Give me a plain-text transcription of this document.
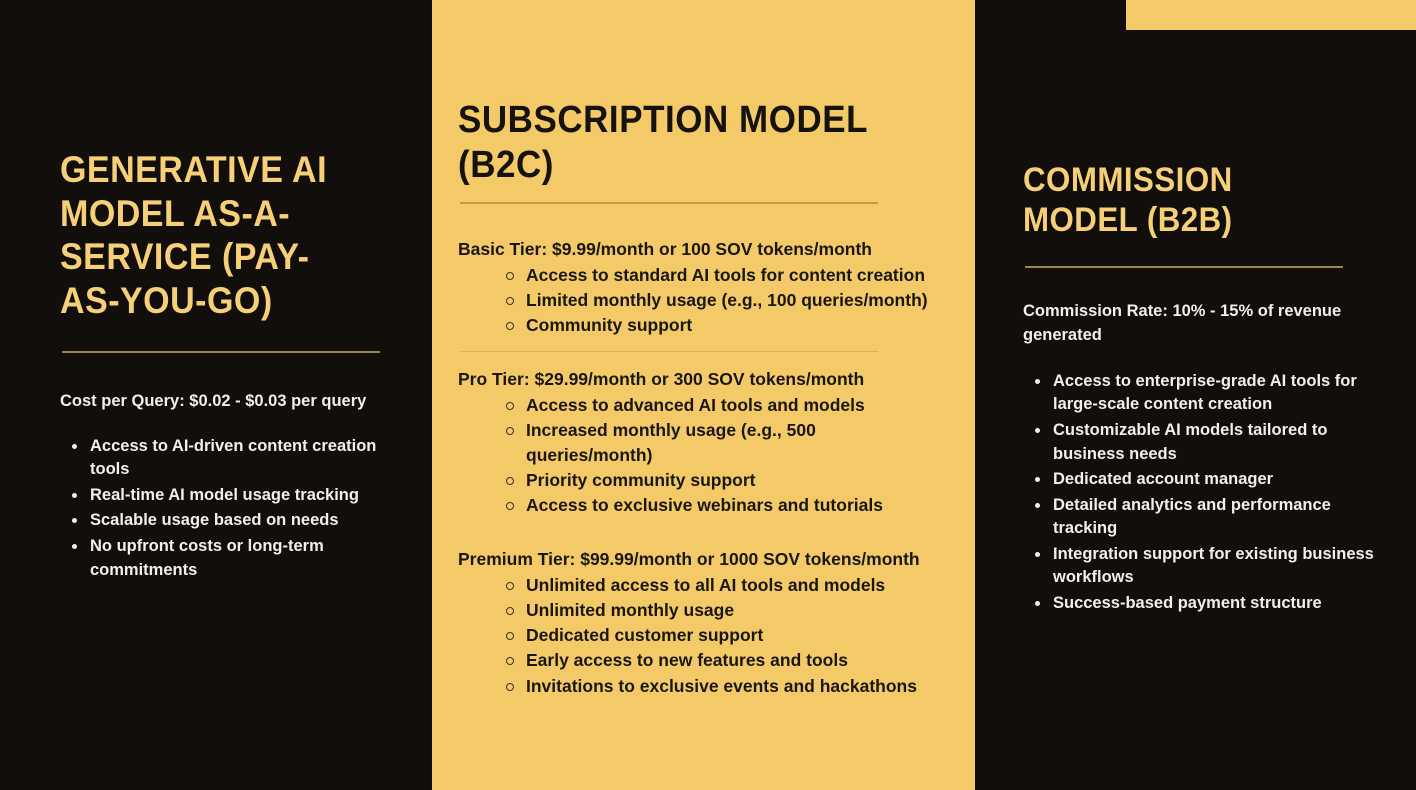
GENERATIVE AI MODEL AS-A-SERVICE (PAY-AS-YOU-GO)

Cost per Query: $0.02 - $0.03 per query

Access to AI-driven content creation tools
Real-time AI model usage tracking
Scalable usage based on needs
No upfront costs or long-term commitments
SUBSCRIPTION MODEL (B2C)
Basic Tier: $9.99/month or 100 SOV tokens/month
Access to standard AI tools for content creation
Limited monthly usage (e.g., 100 queries/month)
Community support
Pro Tier: $29.99/month or 300 SOV tokens/month
Access to advanced AI tools and models
Increased monthly usage (e.g., 500 queries/month)
Priority community support
Access to exclusive webinars and tutorials
Premium Tier: $99.99/month or 1000 SOV tokens/month
Unlimited access to all AI tools and models
Unlimited monthly usage
Dedicated customer support
Early access to new features and tools
Invitations to exclusive events and hackathons
COMMISSION MODEL (B2B)

Commission Rate: 10% - 15% of revenue generated

Access to enterprise-grade AI tools for large-scale content creation
Customizable AI models tailored to business needs
Dedicated account manager
Detailed analytics and performance tracking
Integration support for existing business workflows
Success-based payment structure
